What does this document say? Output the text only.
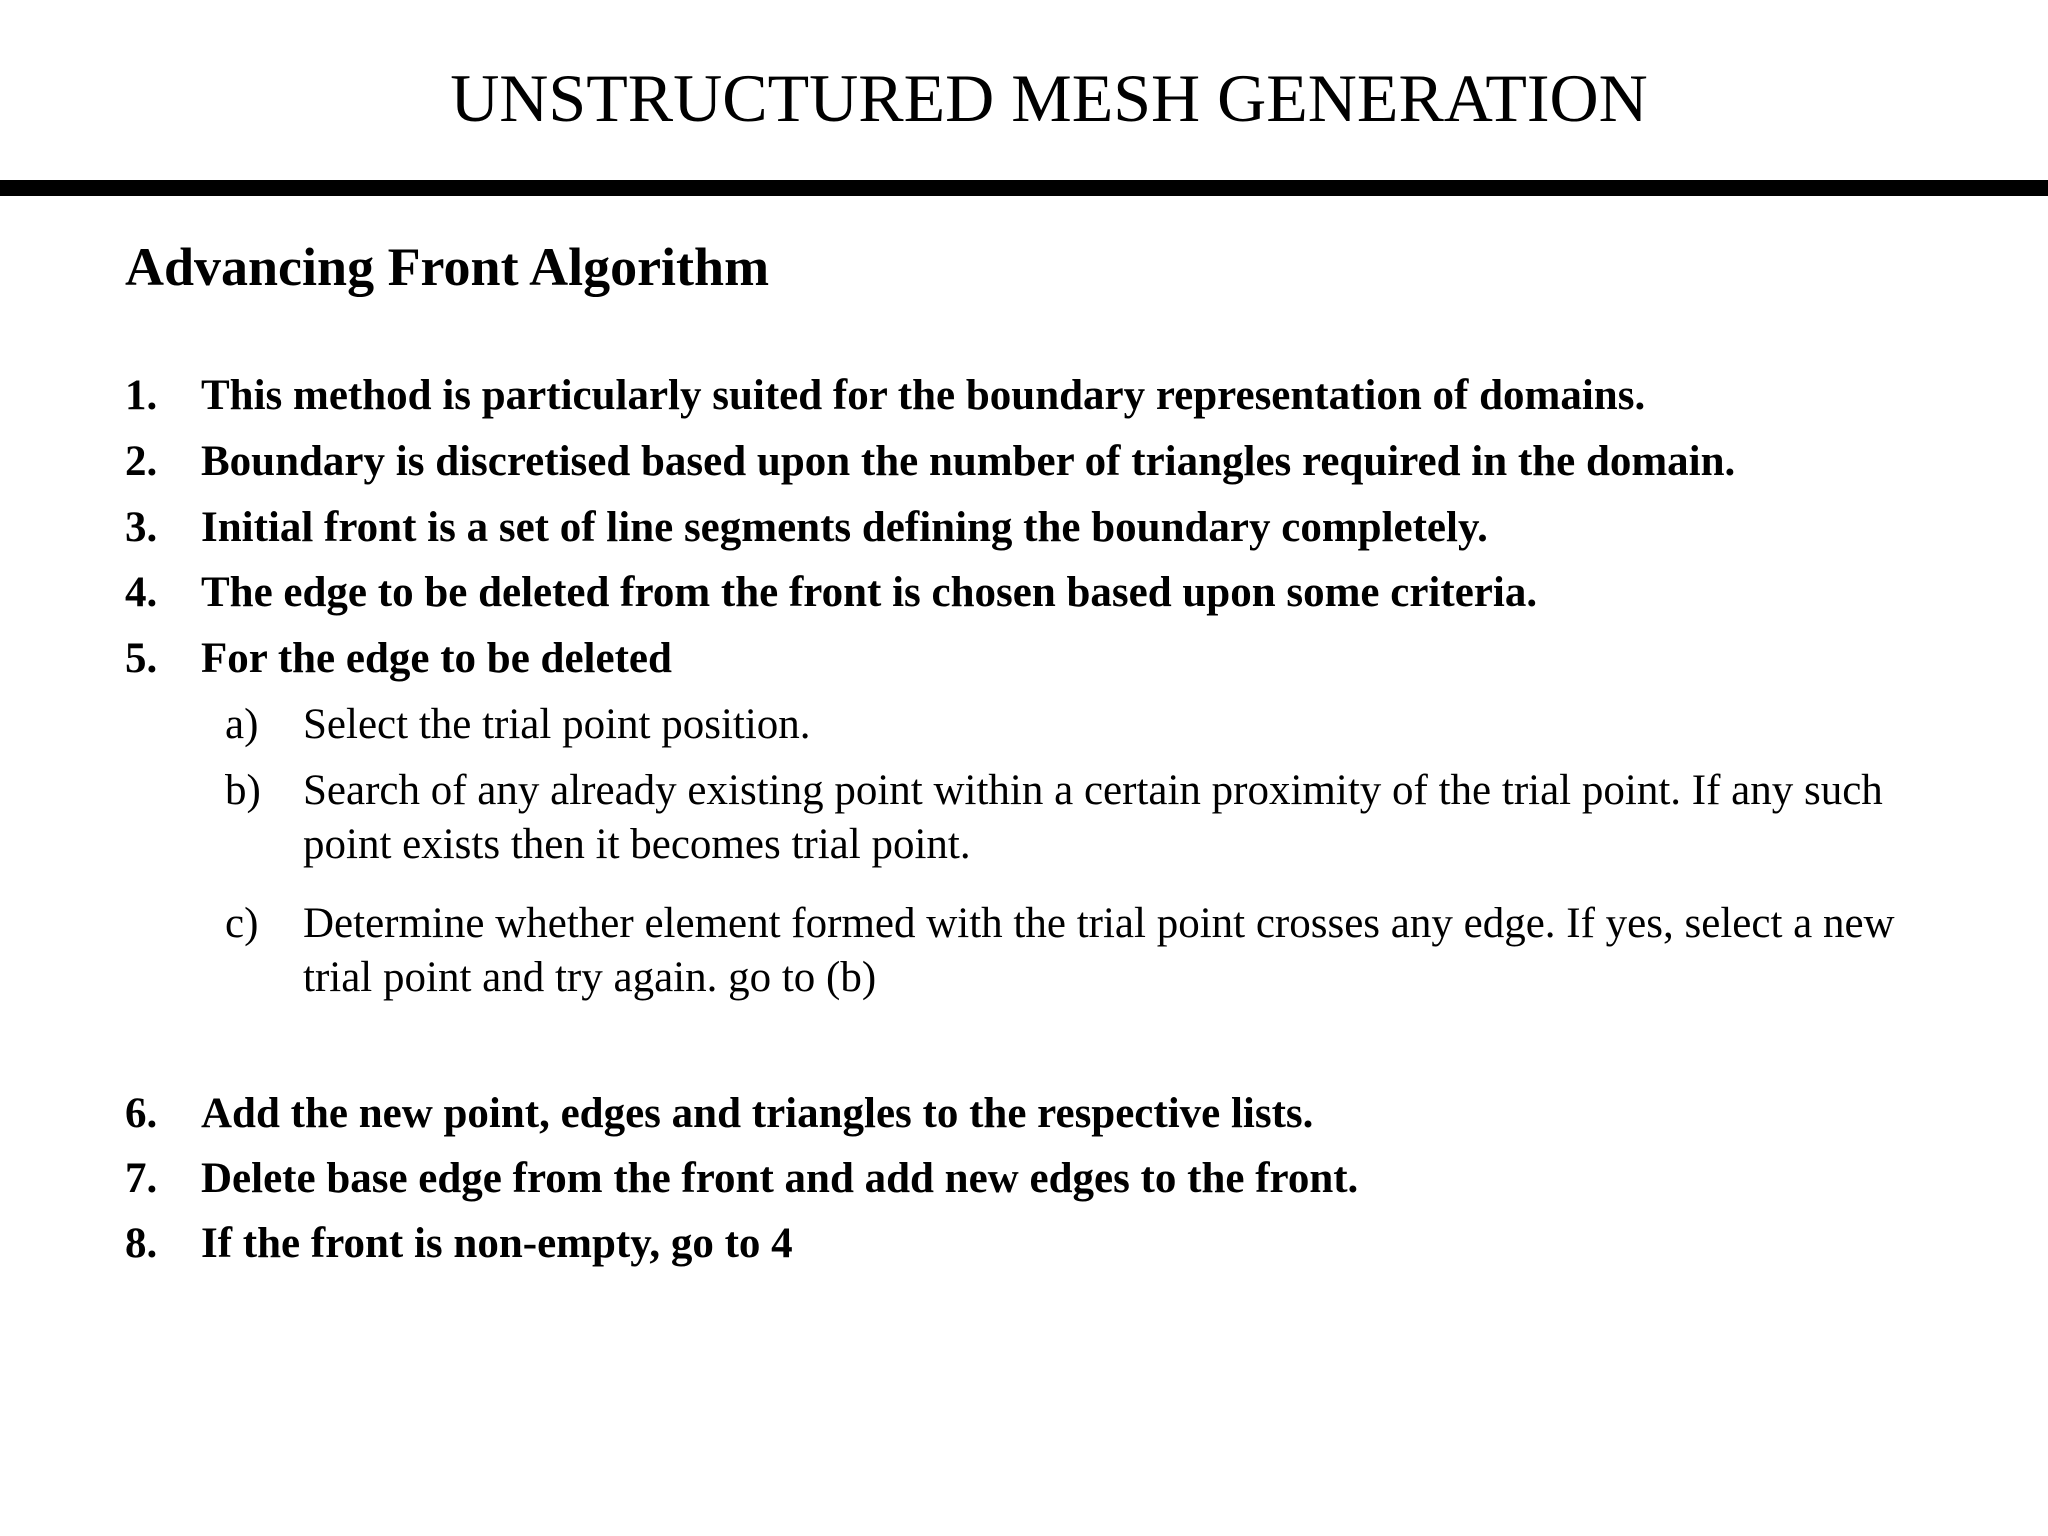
UNSTRUCTURED MESH GENERATION
Advancing Front Algorithm
1. This method is particularly suited for the boundary representation of domains.
2. Boundary is discretised based upon the number of triangles required in the domain.
3. Initial front is a set of line segments defining the boundary completely.
4. The edge to be deleted from the front is chosen based upon some criteria.
5. For the edge to be deleted
a) Select the trial point position.
b) Search of any already existing point within a certain proximity of the trial point. If any such point exists then it becomes trial point.
c) Determine whether element formed with the trial point crosses any edge. If yes, select a new trial point and try again. go to (b)
6. Add the new point, edges and triangles to the respective lists.
7. Delete base edge from the front and add new edges to the front.
8. If the front is non-empty, go to 4
